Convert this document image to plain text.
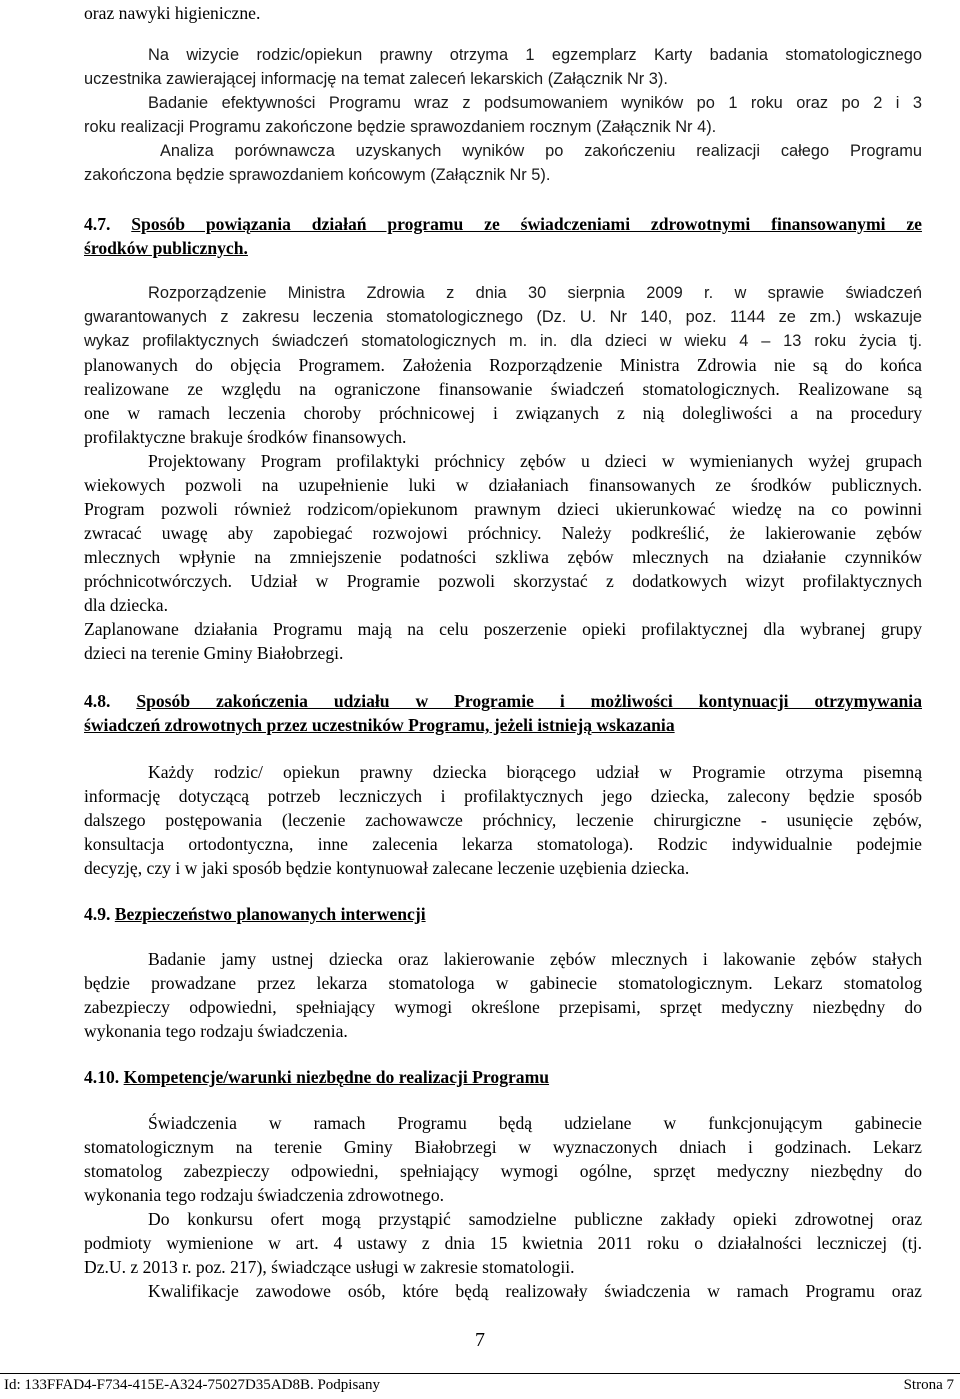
oraz nawyki higieniczne.
Na wizycie rodzic/opiekun prawny otrzyma 1 egzemplarz Karty badania stomatologicznego
uczestnika zawierającej informację na temat zaleceń lekarskich (Załącznik Nr 3).
Badanie efektywności Programu wraz z podsumowaniem wyników po 1 roku oraz po 2 i 3
roku realizacji Programu zakończone będzie sprawozdaniem rocznym (Załącznik Nr 4).
Analiza porównawcza uzyskanych wyników po zakończeniu realizacji całego Programu
zakończona będzie sprawozdaniem końcowym (Załącznik Nr 5).
4.7. Sposób powiązania działań programu ze świadczeniami zdrowotnymi finansowanymi ze
środków publicznych.
Rozporządzenie Ministra Zdrowia z dnia 30 sierpnia 2009 r. w sprawie świadczeń
gwarantowanych z zakresu leczenia stomatologicznego (Dz. U. Nr 140, poz. 1144 ze zm.) wskazuje
wykaz profilaktycznych świadczeń stomatologicznych m. in. dla dzieci w wieku 4 – 13 roku życia tj.
planowanych do objęcia Programem. Założenia Rozporządzenie Ministra Zdrowia nie są do końca
realizowane ze względu na ograniczone finansowanie świadczeń stomatologicznych. Realizowane są
one w ramach leczenia choroby próchnicowej i związanych z nią dolegliwości a na procedury
profilaktyczne brakuje środków finansowych.
Projektowany Program profilaktyki próchnicy zębów u dzieci w wymienianych wyżej grupach
wiekowych pozwoli na uzupełnienie luki w działaniach finansowanych ze środków publicznych.
Program pozwoli również rodzicom/opiekunom prawnym dzieci ukierunkować wiedzę na co powinni
zwracać uwagę aby zapobiegać rozwojowi próchnicy. Należy podkreślić, że lakierowanie zębów
mlecznych wpłynie na zmniejszenie podatności szkliwa zębów mlecznych na działanie czynników
próchnicotwórczych. Udział w Programie pozwoli skorzystać z dodatkowych wizyt profilaktycznych
dla dziecka.
Zaplanowane działania Programu mają na celu poszerzenie opieki profilaktycznej dla wybranej grupy
dzieci na terenie Gminy Białobrzegi.
4.8. Sposób zakończenia udziału w Programie i możliwości kontynuacji otrzymywania
świadczeń zdrowotnych przez uczestników Programu, jeżeli istnieją wskazania
Każdy rodzic/ opiekun prawny dziecka biorącego udział w Programie otrzyma pisemną
informację dotyczącą potrzeb leczniczych i profilaktycznych jego dziecka, zalecony będzie sposób
dalszego postępowania (leczenie zachowawcze próchnicy, leczenie chirurgiczne - usunięcie zębów,
konsultacja ortodontyczna, inne zalecenia lekarza stomatologa). Rodzic indywidualnie podejmie
decyzję, czy i w jaki sposób będzie kontynuował zalecane leczenie uzębienia dziecka.
4.9. Bezpieczeństwo planowanych interwencji
Badanie jamy ustnej dziecka oraz lakierowanie zębów mlecznych i lakowanie zębów stałych
będzie prowadzane przez lekarza stomatologa w gabinecie stomatologicznym. Lekarz stomatolog
zabezpieczy odpowiedni, spełniający wymogi określone przepisami, sprzęt medyczny niezbędny do
wykonania tego rodzaju świadczenia.
4.10. Kompetencje/warunki niezbędne do realizacji Programu
Świadczenia w ramach Programu będą udzielane w funkcjonującym gabinecie
stomatologicznym na terenie Gminy Białobrzegi w wyznaczonych dniach i godzinach. Lekarz
stomatolog zabezpieczy odpowiedni, spełniający wymogi ogólne, sprzęt medyczny niezbędny do
wykonania tego rodzaju świadczenia zdrowotnego.
Do konkursu ofert mogą przystąpić samodzielne publiczne zakłady opieki zdrowotnej oraz
podmioty wymienione w art. 4 ustawy z dnia 15 kwietnia 2011 roku o działalności leczniczej (tj.
Dz.U. z 2013 r. poz. 217), świadczące usługi w zakresie stomatologii.
Kwalifikacje zawodowe osób, które będą realizowały świadczenia w ramach Programu oraz
7
Id: 133FFAD4-F734-415E-A324-75027D35AD8B. Podpisany	Strona 7
